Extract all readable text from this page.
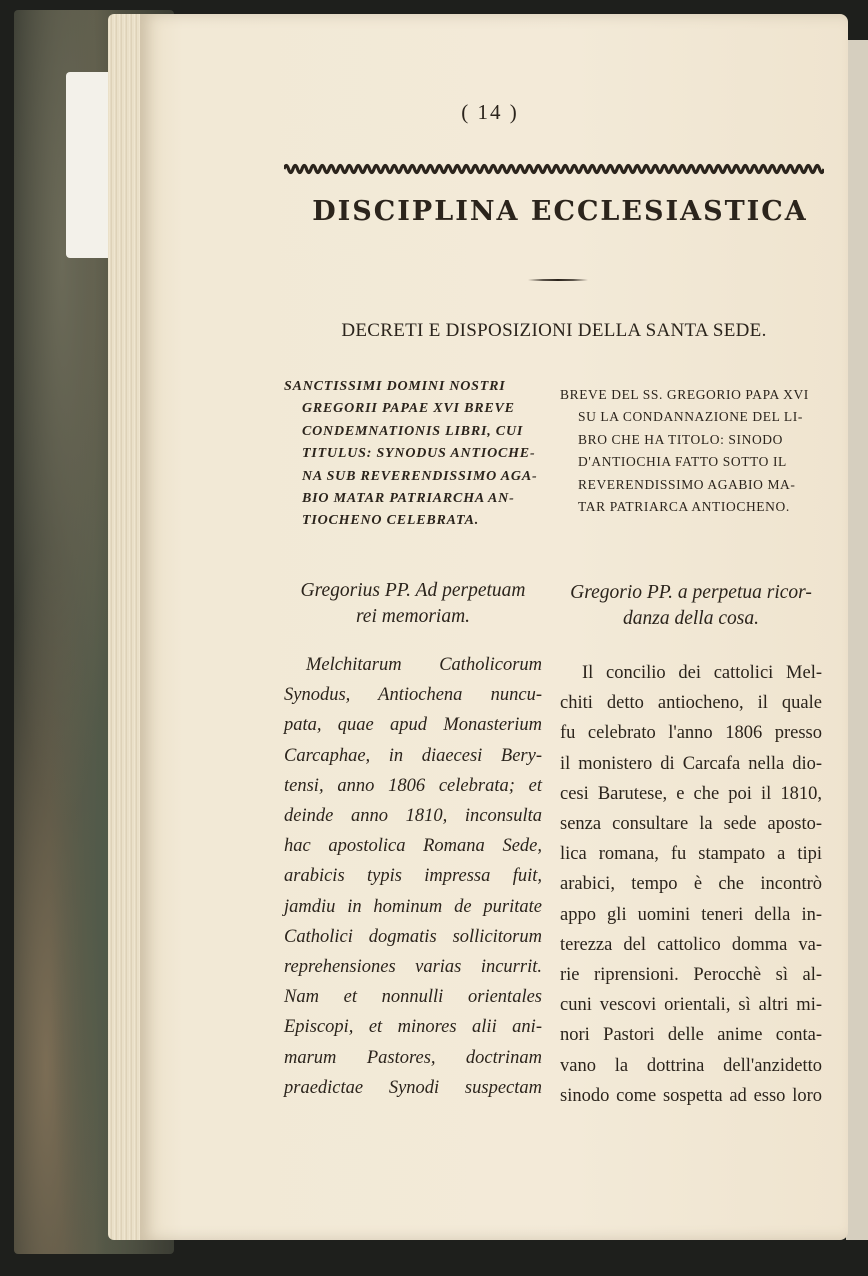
( 14 )
DISCIPLINA ECCLESIASTICA
DECRETI E DISPOSIZIONI DELLA SANTA SEDE.
SANCTISSIMI DOMINI NOSTRI
GREGORII PAPAE XVI BREVE
CONDEMNATIONIS LIBRI, CUI
TITULUS: SYNODUS ANTIOCHE-
NA SUB REVERENDISSIMO AGA-
BIO MATAR PATRIARCHA AN-
TIOCHENO CELEBRATA.
BREVE DEL SS. GREGORIO PAPA XVI
SU LA CONDANNAZIONE DEL LI-
BRO CHE HA TITOLO: SINODO
D'ANTIOCHIA FATTO SOTTO IL
REVERENDISSIMO AGABIO MA-
TAR PATRIARCA ANTIOCHENO.
Gregorius PP. Ad perpetuam
rei memoriam.
Gregorio PP. a perpetua ricor-
danza della cosa.
Melchitarum Catholicorum
Synodus, Antiochena nuncu-
pata, quae apud Monasterium
Carcaphae, in diaecesi Bery-
tensi, anno 1806 celebrata; et
deinde anno 1810, inconsulta
hac apostolica Romana Sede,
arabicis typis impressa fuit,
jamdiu in hominum de puritate
Catholici dogmatis sollicitorum
reprehensiones varias incurrit.
Nam et nonnulli orientales
Episcopi, et minores alii ani-
marum Pastores, doctrinam
praedictae Synodi suspectam
Il concilio dei cattolici Mel-
chiti detto antiocheno, il quale
fu celebrato l'anno 1806 presso
il monistero di Carcafa nella dio-
cesi Barutese, e che poi il 1810,
senza consultare la sede aposto-
lica romana, fu stampato a tipi
arabici, tempo è che incontrò
appo gli uomini teneri della in-
terezza del cattolico domma va-
rie riprensioni. Perocchè sì al-
cuni vescovi orientali, sì altri mi-
nori Pastori delle anime conta-
vano la dottrina dell'anzidetto
sinodo come sospetta ad esso loro
